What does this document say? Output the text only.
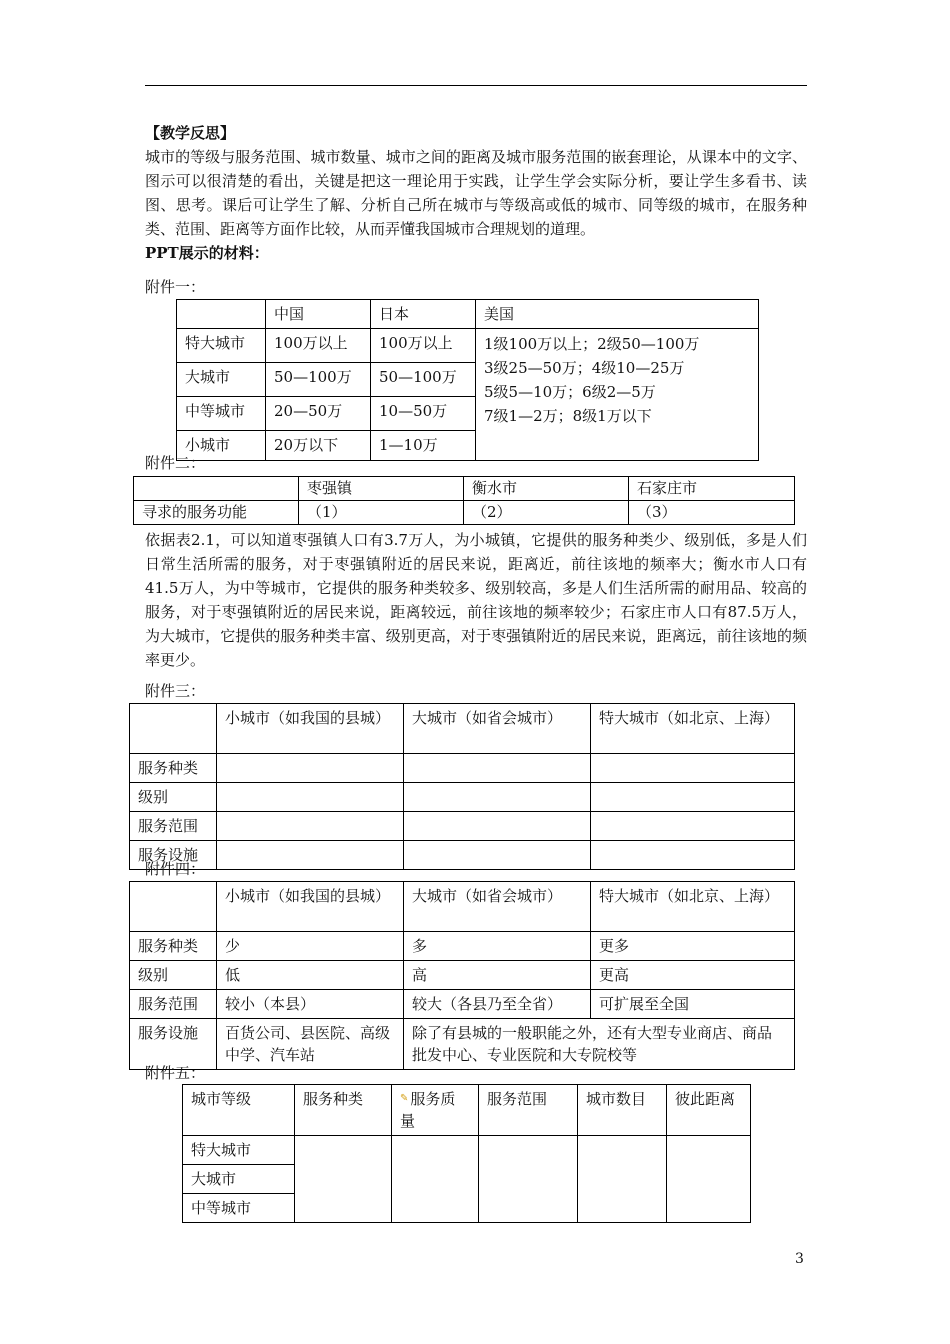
【教学反思】
城市的等级与服务范围、城市数量、城市之间的距离及城市服务范围的嵌套理论，从课本中的文字、图示可以很清楚的看出，关键是把这一理论用于实践，让学生学会实际分析，要让学生多看书、读图、思考。课后可让学生了解、分析自己所在城市与等级高或低的城市、同等级的城市，在服务种类、范围、距离等方面作比较，从而弄懂我国城市合理规划的道理。
PPT展示的材料：
附件一：
	中国	日本	美国
特大城市	100万以上	100万以上	1级100万以上；2级50—100万
3级25—50万；4级10—25万
5级5—10万；6级2—5万
7级1—2万；8级1万以下

大城市	50—100万	50—100万	
中等城市	20—50万	10—50万	
小城市	20万以下	1—10万	
附件二：
	枣强镇	衡水市	石家庄市
寻求的服务功能	（1）	（2）	（3）
依据表2.1，可以知道枣强镇人口有3.7万人，为小城镇，它提供的服务种类少、级别低，多是人们日常生活所需的服务，对于枣强镇附近的居民来说，距离近，前往该地的频率大；衡水市人口有41.5万人，为中等城市，它提供的服务种类较多、级别较高，多是人们生活所需的耐用品、较高的服务，对于枣强镇附近的居民来说，距离较远，前往该地的频率较少；石家庄市人口有87.5万人，为大城市，它提供的服务种类丰富、级别更高，对于枣强镇附近的居民来说，距离远，前往该地的频率更少。
附件三：
	小城市（如我国的县城）	大城市（如省会城市）	特大城市（如北京、上海）
服务种类			
级别			
服务范围			
服务设施			
附件四：
	小城市（如我国的县城）	大城市（如省会城市）	特大城市（如北京、上海）
服务种类	少	多	更多
级别	低	高	更高
服务范围	较小（本县）	较大（各县乃至全省）	可扩展至全国
服务设施	百货公司、县医院、高级中学、汽车站	除了有县城的一般职能之外，还有大型专业商店、商品批发中心、专业医院和大专院校等	
附件五：
城市等级	服务种类	✎ 服务质量	服务范围	城市数目	彼此距离
特大城市					
大城市					
中等城市					
3
